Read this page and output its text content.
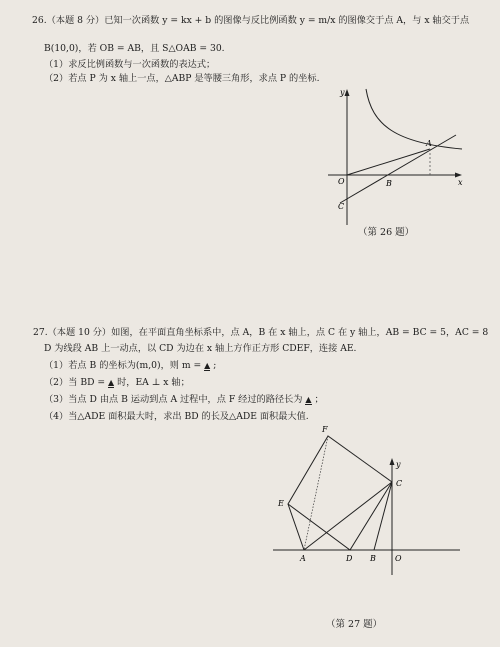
26.（本题 8 分）已知一次函数 y = kx + b 的图像与反比例函数 y = m/x 的图像交于点 A，与 x 轴交于点
B(10,0)，若 OB = AB，且 S△OAB = 30.
（1）求反比例函数与一次函数的表达式；
（2）若点 P 为 x 轴上一点，△ABP 是等腰三角形，求点 P 的坐标.
y
x
O
A
B
C
（第 26 题）
27.（本题 10 分）如图，在平面直角坐标系中，点 A，B 在 x 轴上，点 C 在 y 轴上，AB = BC = 5，AC = 8
D 为线段 AB 上一动点，以 CD 为边在 x 轴上方作正方形 CDEF，连接 AE.
（1）若点 B 的坐标为(m,0)，则 m = ▲ ;
（2）当 BD = ▲ 时，EA ⊥ x 轴；
（3）当点 D 由点 B 运动到点 A 过程中，点 F 经过的路径长为 ▲ ；
（4）当△ADE 面积最大时，求出 BD 的长及△ADE 面积最大值.
F
E
C
y
A	D B O
（第 27 题）
